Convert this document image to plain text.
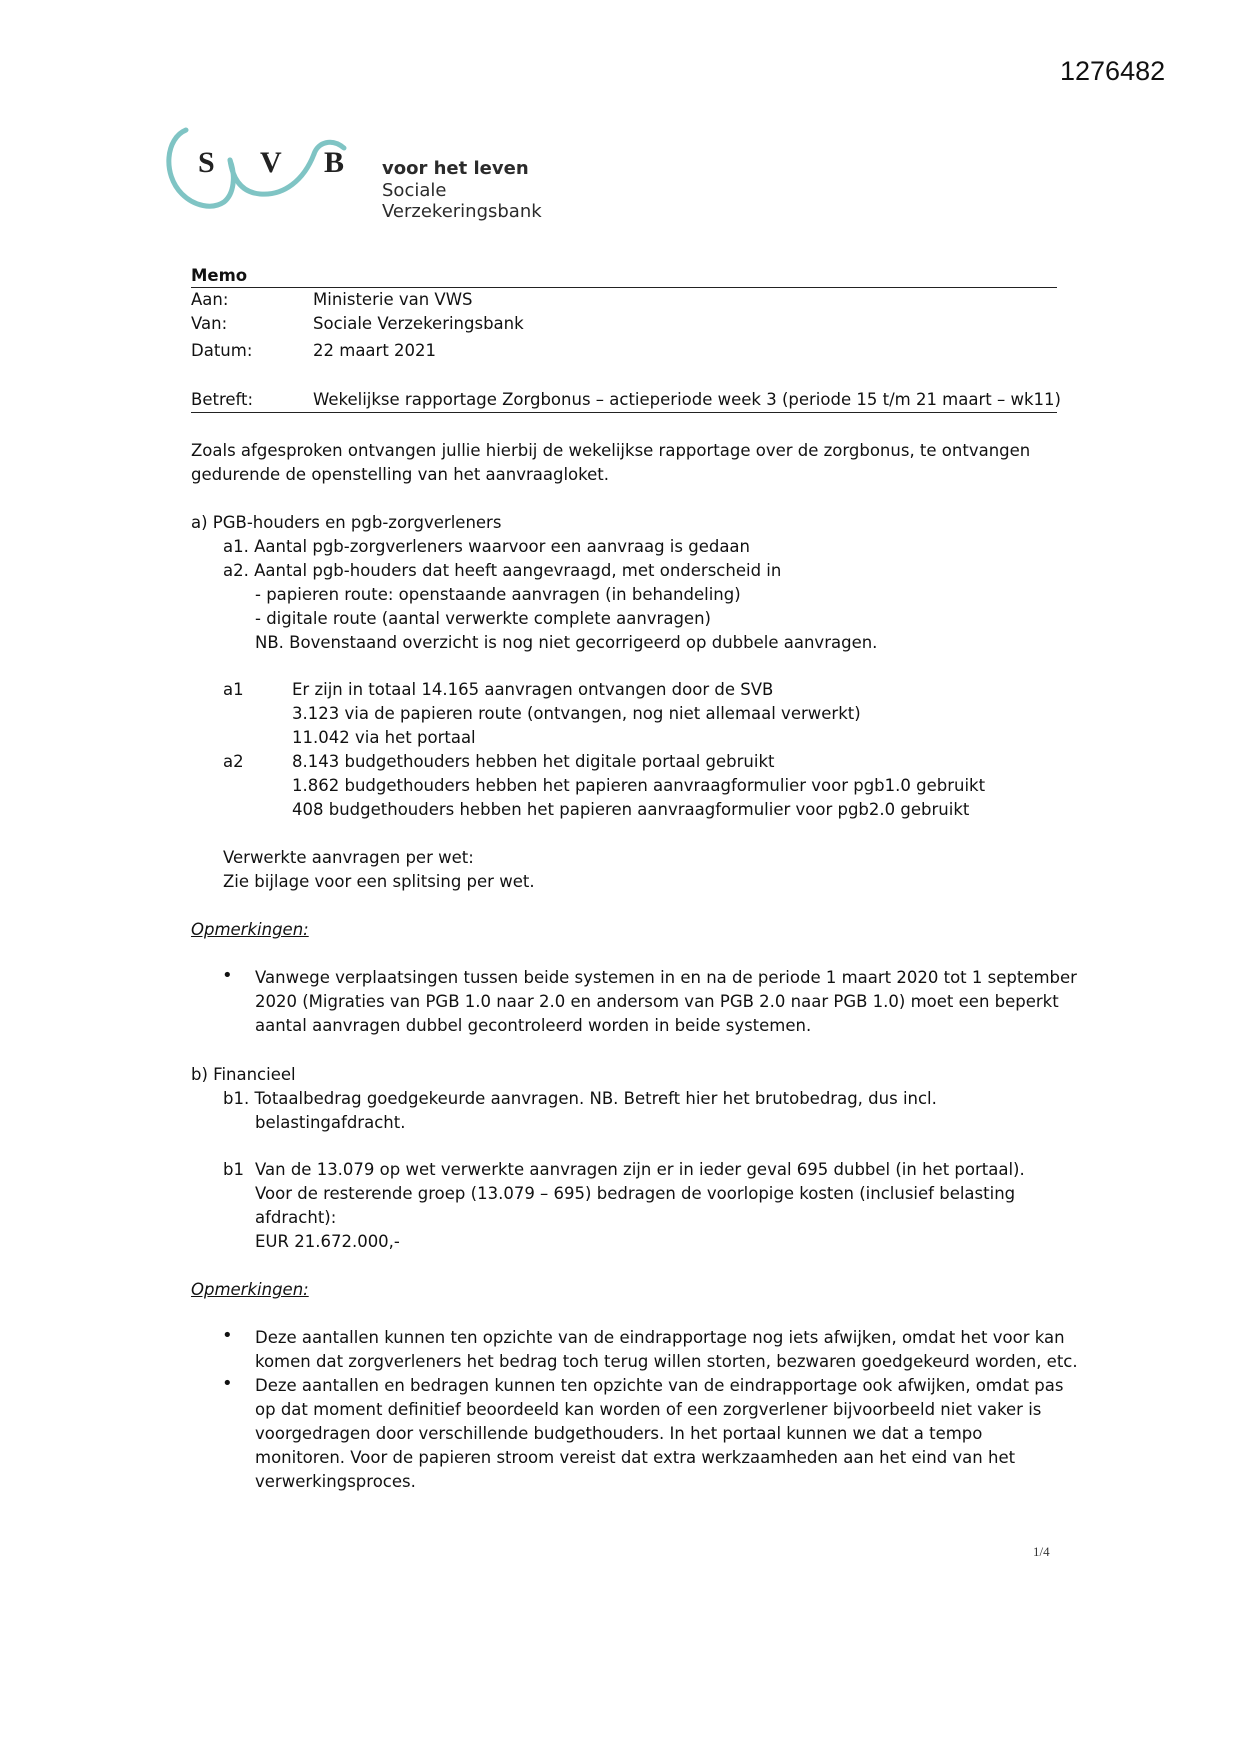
1276482
S V B voor het leven
Sociale Verzekeringsbank
Memo
Aan:	Ministerie van VWS
Van:	Sociale Verzekeringsbank
Datum:	22 maart 2021
Betreft:	Wekelijkse rapportage Zorgbonus – actieperiode week 3 (periode 15 t/m 21 maart – wk11)
Zoals afgesproken ontvangen jullie hierbij de wekelijkse rapportage over de zorgbonus, te ontvangen
gedurende de openstelling van het aanvraagloket.
a) PGB-houders en pgb-zorgverleners
a1. Aantal pgb-zorgverleners waarvoor een aanvraag is gedaan
a2. Aantal pgb-houders dat heeft aangevraagd, met onderscheid in
- papieren route: openstaande aanvragen (in behandeling)
- digitale route (aantal verwerkte complete aanvragen)
NB. Bovenstaand overzicht is nog niet gecorrigeerd op dubbele aanvragen.
a1	Er zijn in totaal 14.165 aanvragen ontvangen door de SVB
3.123 via de papieren route (ontvangen, nog niet allemaal verwerkt)
11.042 via het portaal
a2	8.143 budgethouders hebben het digitale portaal gebruikt
1.862 budgethouders hebben het papieren aanvraagformulier voor pgb1.0 gebruikt
408 budgethouders hebben het papieren aanvraagformulier voor pgb2.0 gebruikt
Verwerkte aanvragen per wet:
Zie bijlage voor een splitsing per wet.
Opmerkingen:
• Vanwege verplaatsingen tussen beide systemen in en na de periode 1 maart 2020 tot 1 september
2020 (Migraties van PGB 1.0 naar 2.0 en andersom van PGB 2.0 naar PGB 1.0) moet een beperkt
aantal aanvragen dubbel gecontroleerd worden in beide systemen.
b) Financieel
b1. Totaalbedrag goedgekeurde aanvragen. NB. Betreft hier het brutobedrag, dus incl.
belastingafdracht.
b1 Van de 13.079 op wet verwerkte aanvragen zijn er in ieder geval 695 dubbel (in het portaal).
Voor de resterende groep (13.079 – 695) bedragen de voorlopige kosten (inclusief belasting
afdracht):
EUR 21.672.000,-
Opmerkingen:
• Deze aantallen kunnen ten opzichte van de eindrapportage nog iets afwijken, omdat het voor kan
komen dat zorgverleners het bedrag toch terug willen storten, bezwaren goedgekeurd worden, etc.
• Deze aantallen en bedragen kunnen ten opzichte van de eindrapportage ook afwijken, omdat pas
op dat moment definitief beoordeeld kan worden of een zorgverlener bijvoorbeeld niet vaker is
voorgedragen door verschillende budgethouders. In het portaal kunnen we dat a tempo
monitoren. Voor de papieren stroom vereist dat extra werkzaamheden aan het eind van het
verwerkingsproces.
1/4
